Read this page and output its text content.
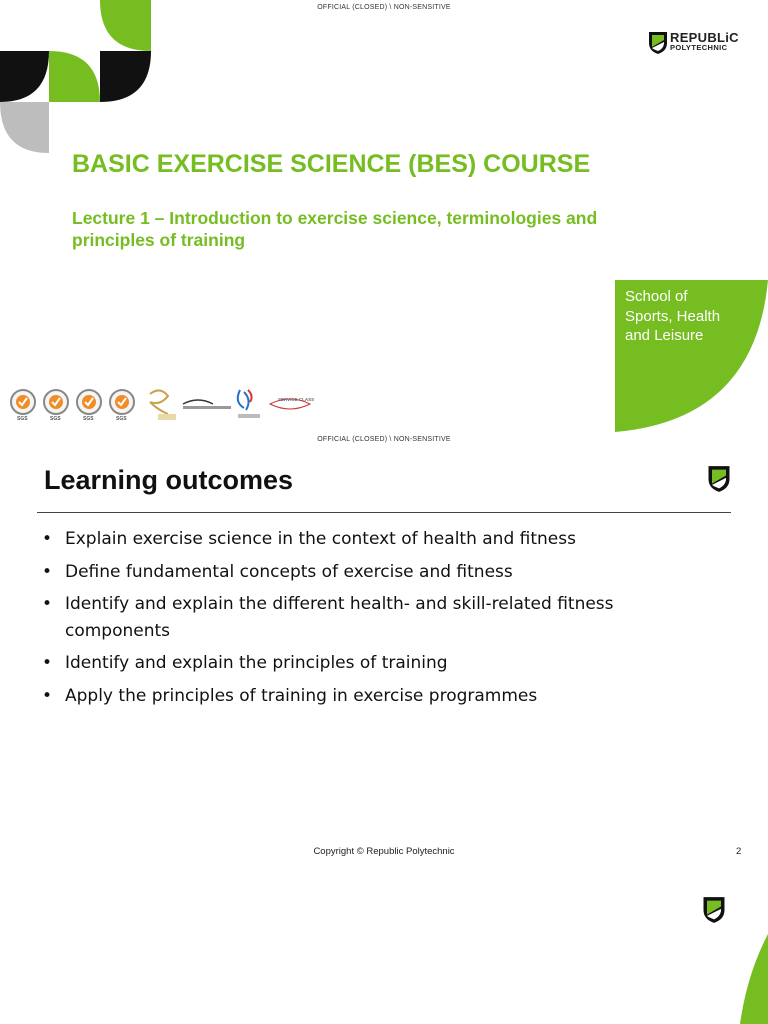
OFFICIAL (CLOSED) \ NON-SENSITIVE
REPUBLiC
POLYTECHNIC
BASIC EXERCISE SCIENCE (BES) COURSE

Lecture 1 – Introduction to exercise science, terminologies and principles of training

School of
Sports, Health
and Leisure
SGS	SGS	SGS	SGS
SERVICE CLASS
OFFICIAL (CLOSED) \ NON-SENSITIVE
Learning outcomes
• Explain exercise science in the context of health and fitness
• Define fundamental concepts of exercise and fitness
• Identify and explain the different health- and skill-related fitness components
• Identify and explain the principles of training
• Apply the principles of training in exercise programmes
Copyright © Republic Polytechnic	2
